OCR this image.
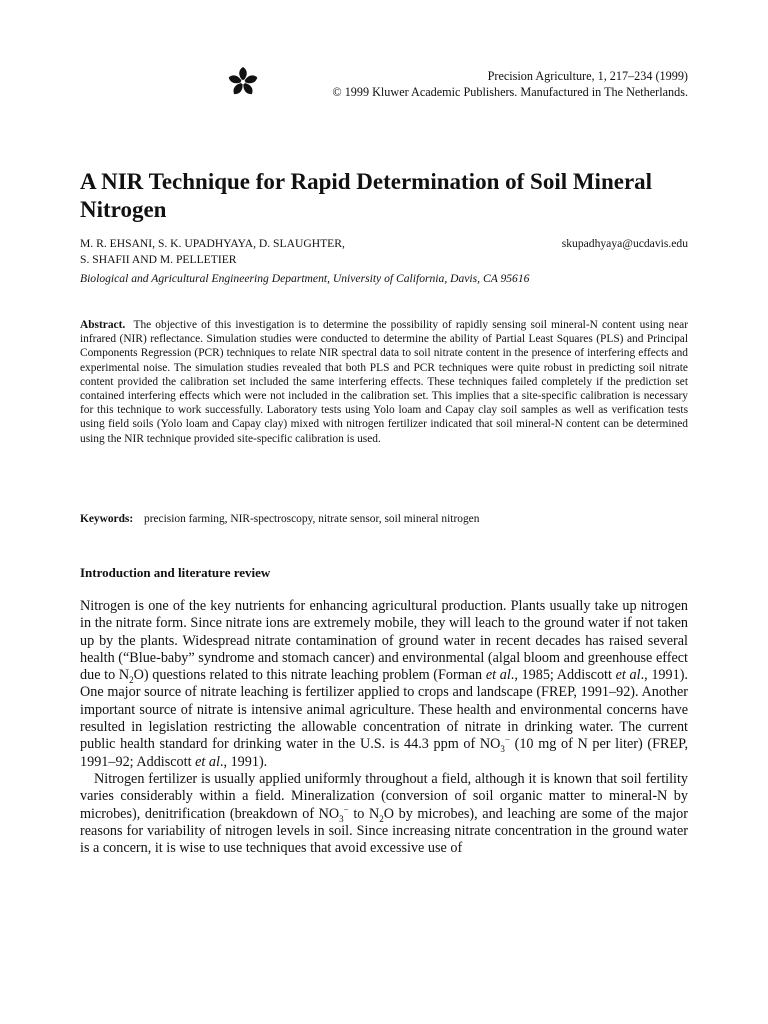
Precision Agriculture, 1, 217–234 (1999)
© 1999 Kluwer Academic Publishers. Manufactured in The Netherlands.
A NIR Technique for Rapid Determination of Soil Mineral Nitrogen
M. R. EHSANI, S. K. UPADHYAYA, D. SLAUGHTER,	skupadhyaya@ucdavis.edu
S. SHAFII AND M. PELLETIER
Biological and Agricultural Engineering Department, University of California, Davis, CA 95616
Abstract. The objective of this investigation is to determine the possibility of rapidly sensing soil mineral-N content using near infrared (NIR) reflectance. Simulation studies were conducted to determine the ability of Partial Least Squares (PLS) and Principal Components Regression (PCR) techniques to relate NIR spectral data to soil nitrate content in the presence of interfering effects and experimental noise. The simulation studies revealed that both PLS and PCR techniques were quite robust in predicting soil nitrate content provided the calibration set included the same interfering effects. These techniques failed completely if the prediction set contained interfering effects which were not included in the calibration set. This implies that a site-specific calibration is necessary for this technique to work successfully. Laboratory tests using Yolo loam and Capay clay soil samples as well as verification tests using field soils (Yolo loam and Capay clay) mixed with nitrogen fertilizer indicated that soil mineral-N content can be determined using the NIR technique provided site-specific calibration is used.
Keywords: precision farming, NIR-spectroscopy, nitrate sensor, soil mineral nitrogen
Introduction and literature review

Nitrogen is one of the key nutrients for enhancing agricultural production. Plants usually take up nitrogen in the nitrate form. Since nitrate ions are extremely mobile, they will leach to the ground water if not taken up by the plants. Widespread nitrate contamination of ground water in recent decades has raised several health (“Blue-baby” syndrome and stomach cancer) and environmental (algal bloom and greenhouse effect due to $N_2O$) questions related to this nitrate leaching problem (Forman et al., 1985; Addiscott et al., 1991). One major source of nitrate leaching is fertilizer applied to crops and landscape (FREP, 1991–92). Another important source of nitrate is intensive animal agriculture. These health and environmental concerns have resulted in legislation restricting the allowable concentration of nitrate in drinking water. The current public health standard for drinking water in the U.S. is 44.3 ppm of $NO_3^-$ (10 mg of N per liter) (FREP, 1991–92; Addiscott et al., 1991).

Nitrogen fertilizer is usually applied uniformly throughout a field, although it is known that soil fertility varies considerably within a field. Mineralization (conversion of soil organic matter to mineral-N by microbes), denitrification (breakdown of $NO_3^-$ to $N_2O$ by microbes), and leaching are some of the major reasons for variability of nitrogen levels in soil. Since increasing nitrate concentration in the ground water is a concern, it is wise to use techniques that avoid excessive use of
